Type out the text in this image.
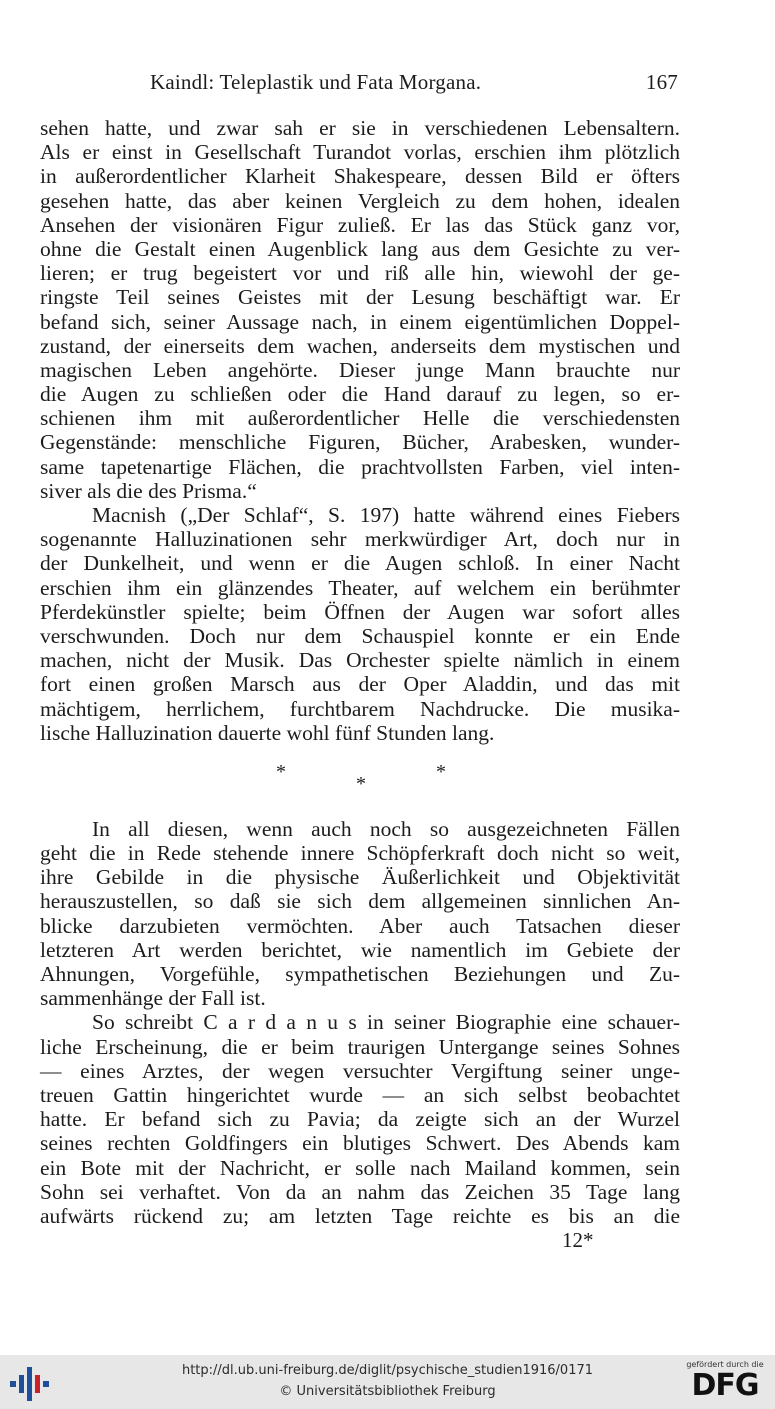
Kaindl: Teleplastik und Fata Morgana.	167
sehen hatte, und zwar sah er sie in verschiedenen Lebensaltern.
Als er einst in Gesellschaft Turandot vorlas, erschien ihm plötzlich
in außerordentlicher Klarheit Shakespeare, dessen Bild er öfters
gesehen hatte, das aber keinen Vergleich zu dem hohen, idealen
Ansehen der visionären Figur zuließ. Er las das Stück ganz vor,
ohne die Gestalt einen Augenblick lang aus dem Gesichte zu ver-
lieren; er trug begeistert vor und riß alle hin, wiewohl der ge-
ringste Teil seines Geistes mit der Lesung beschäftigt war. Er
befand sich, seiner Aussage nach, in einem eigentümlichen Doppel-
zustand, der einerseits dem wachen, anderseits dem mystischen und
magischen Leben angehörte. Dieser junge Mann brauchte nur
die Augen zu schließen oder die Hand darauf zu legen, so er-
schienen ihm mit außerordentlicher Helle die verschiedensten
Gegenstände: menschliche Figuren, Bücher, Arabesken, wunder-
same tapetenartige Flächen, die prachtvollsten Farben, viel inten-
siver als die des Prisma.“
Macnish („Der Schlaf“, S. 197) hatte während eines Fiebers
sogenannte Halluzinationen sehr merkwürdiger Art, doch nur in
der Dunkelheit, und wenn er die Augen schloß. In einer Nacht
erschien ihm ein glänzendes Theater, auf welchem ein berühmter
Pferdekünstler spielte; beim Öffnen der Augen war sofort alles
verschwunden. Doch nur dem Schauspiel konnte er ein Ende
machen, nicht der Musik. Das Orchester spielte nämlich in einem
fort einen großen Marsch aus der Oper Aladdin, und das mit
mächtigem, herrlichem, furchtbarem Nachdrucke. Die musika-
lische Halluzination dauerte wohl fünf Stunden lang.
*
*
*
In all diesen, wenn auch noch so ausgezeichneten Fällen
geht die in Rede stehende innere Schöpferkraft doch nicht so weit,
ihre Gebilde in die physische Äußerlichkeit und Objektivität
herauszustellen, so daß sie sich dem allgemeinen sinnlichen An-
blicke darzubieten vermöchten. Aber auch Tatsachen dieser
letzteren Art werden berichtet, wie namentlich im Gebiete der
Ahnungen, Vorgefühle, sympathetischen Beziehungen und Zu-
sammenhänge der Fall ist.
So schreibt C a r d a n u s in seiner Biographie eine schauer-
liche Erscheinung, die er beim traurigen Untergange seines Sohnes
— eines Arztes, der wegen versuchter Vergiftung seiner unge-
treuen Gattin hingerichtet wurde — an sich selbst beobachtet
hatte. Er befand sich zu Pavia; da zeigte sich an der Wurzel
seines rechten Goldfingers ein blutiges Schwert. Des Abends kam
ein Bote mit der Nachricht, er solle nach Mailand kommen, sein
Sohn sei verhaftet. Von da an nahm das Zeichen 35 Tage lang
aufwärts rückend zu; am letzten Tage reichte es bis an die
12*
http://dl.ub.uni-freiburg.de/diglit/psychische_studien1916/0171
© Universitätsbibliothek Freiburg
gefördert durch die
DFG
